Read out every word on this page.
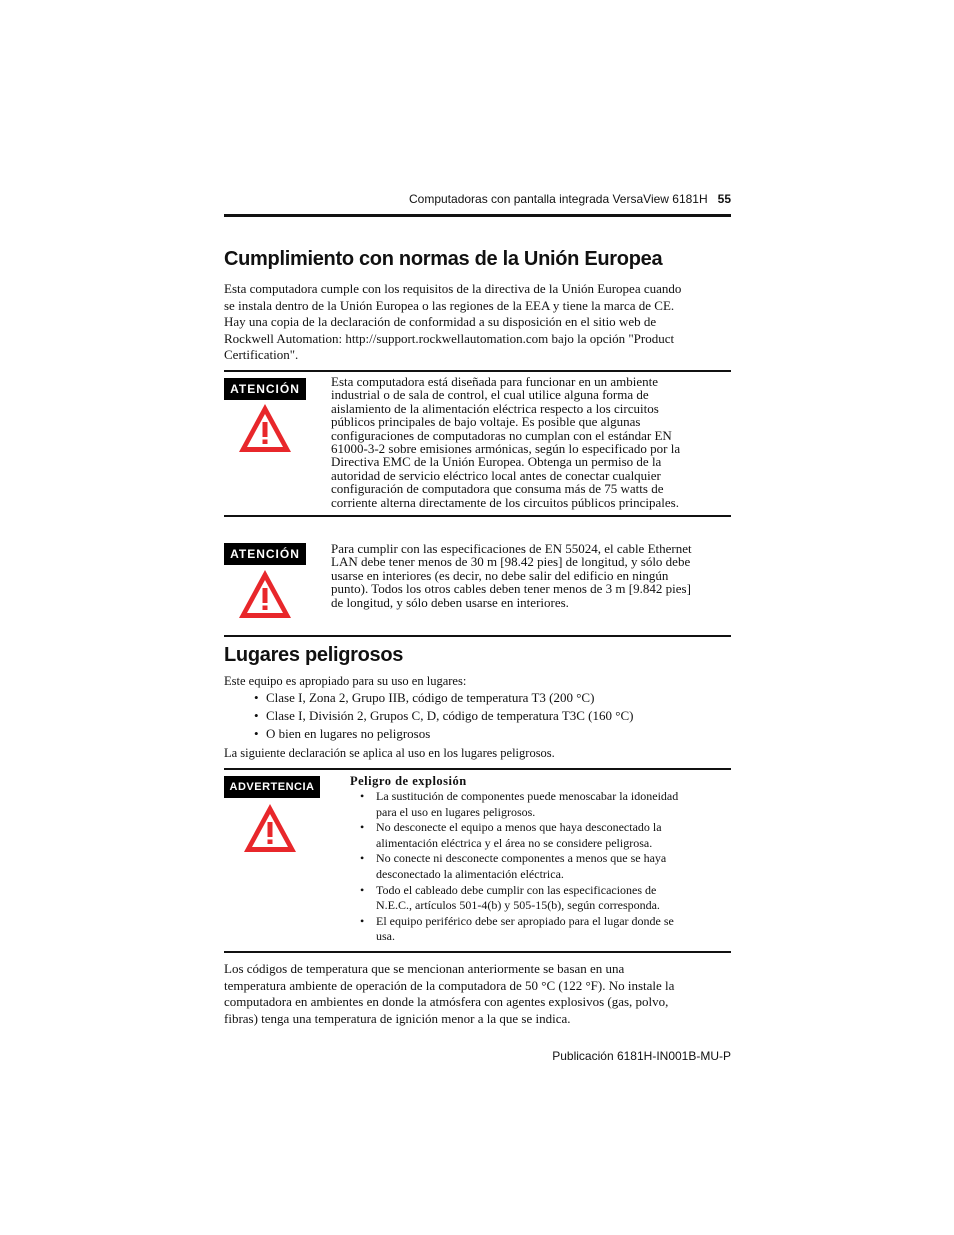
Computadoras con pantalla integrada VersaView 6181H 55
Cumplimiento con normas de la Unión Europea
Esta computadora cumple con los requisitos de la directiva de la Unión Europea cuando
se instala dentro de la Unión Europea o las regiones de la EEA y tiene la marca de CE.
Hay una copia de la declaración de conformidad a su disposición en el sitio web de
Rockwell Automation: http://support.rockwellautomation.com bajo la opción "Product
Certification".
ATENCIÓN	Esta computadora está diseñada para funcionar en un ambiente
industrial o de sala de control, el cual utilice alguna forma de
aislamiento de la alimentación eléctrica respecto a los circuitos
públicos principales de bajo voltaje. Es posible que algunas
configuraciones de computadoras no cumplan con el estándar EN
61000-3-2 sobre emisiones armónicas, según lo especificado por la
Directiva EMC de la Unión Europea. Obtenga un permiso de la
autoridad de servicio eléctrico local antes de conectar cualquier
configuración de computadora que consuma más de 75 watts de
corriente alterna directamente de los circuitos públicos principales.
ATENCIÓN	Para cumplir con las especificaciones de EN 55024, el cable Ethernet
LAN debe tener menos de 30 m [98.42 pies] de longitud, y sólo debe
usarse en interiores (es decir, no debe salir del edificio en ningún
punto). Todos los otros cables deben tener menos de 3 m [9.842 pies]
de longitud, y sólo deben usarse en interiores.
Lugares peligrosos
Este equipo es apropiado para su uso en lugares:
• Clase I, Zona 2, Grupo IIB, código de temperatura T3 (200 °C)
• Clase I, División 2, Grupos C, D, código de temperatura T3C (160 °C)
• O bien en lugares no peligrosos
La siguiente declaración se aplica al uso en los lugares peligrosos.
ADVERTENCIA	Peligro de explosión
• La sustitución de componentes puede menoscabar la idoneidad
para el uso en lugares peligrosos.
• No desconecte el equipo a menos que haya desconectado la
alimentación eléctrica y el área no se considere peligrosa.
• No conecte ni desconecte componentes a menos que se haya
desconectado la alimentación eléctrica.
• Todo el cableado debe cumplir con las especificaciones de
N.E.C., artículos 501-4(b) y 505-15(b), según corresponda.
• El equipo periférico debe ser apropiado para el lugar donde se
usa.
Los códigos de temperatura que se mencionan anteriormente se basan en una
temperatura ambiente de operación de la computadora de 50 °C (122 °F). No instale la
computadora en ambientes en donde la atmósfera con agentes explosivos (gas, polvo,
fibras) tenga una temperatura de ignición menor a la que se indica.
Publicación 6181H-IN001B-MU-P
